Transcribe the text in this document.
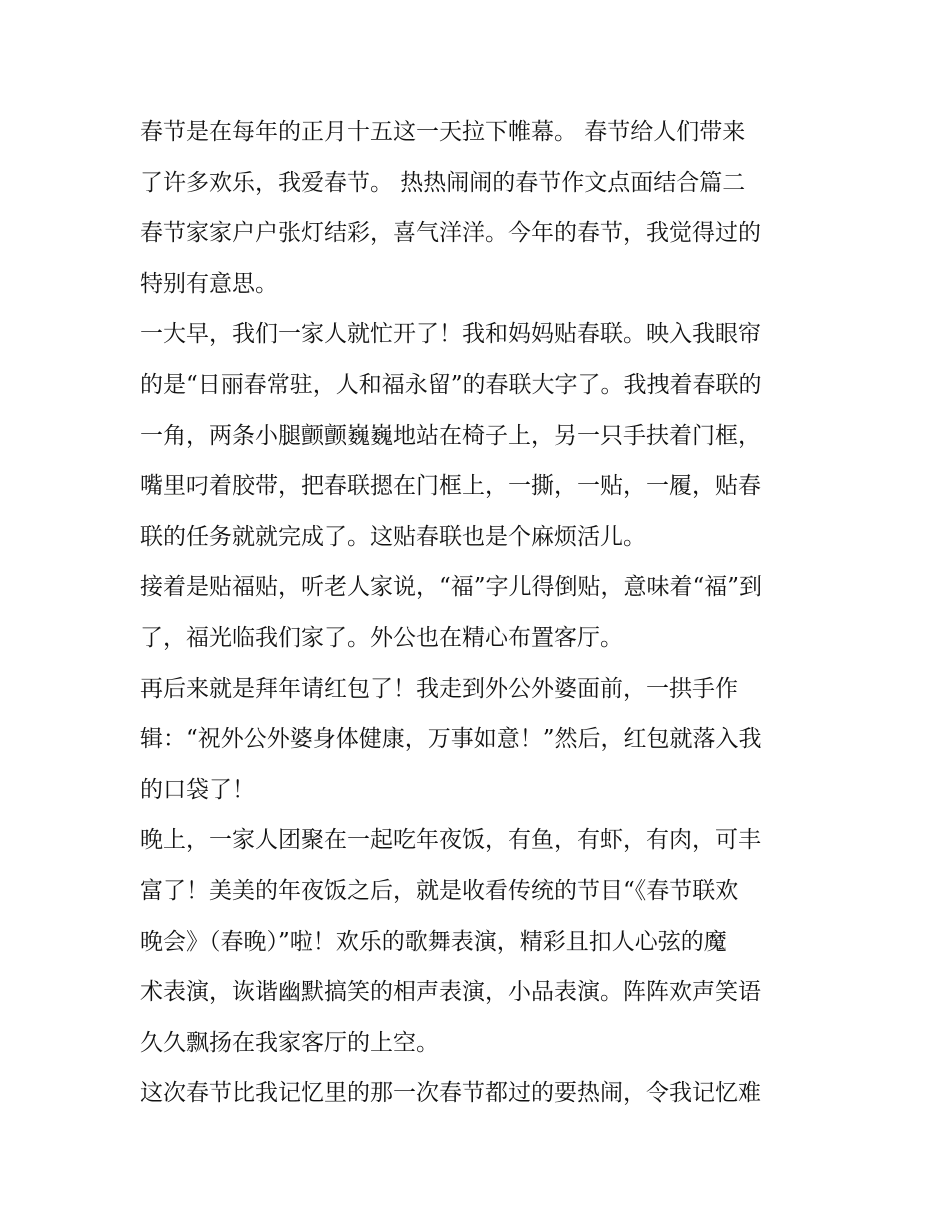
春节是在每年的正月十五这一天拉下帷幕。 春节给人们带来
了许多欢乐，我爱春节。 热热闹闹的春节作文点面结合篇二
春节家家户户张灯结彩，喜气洋洋。今年的春节，我觉得过的
特别有意思。
一大早，我们一家人就忙开了！我和妈妈贴春联。映入我眼帘
的是“日丽春常驻，人和福永留”的春联大字了。我拽着春联的
一角，两条小腿颤颤巍巍地站在椅子上，另一只手扶着门框，
嘴里叼着胶带，把春联摁在门框上，一撕，一贴，一履，贴春
联的任务就就完成了。这贴春联也是个麻烦活儿。
接着是贴福贴，听老人家说，“福”字儿得倒贴，意味着“福”到
了，福光临我们家了。外公也在精心布置客厅。
再后来就是拜年请红包了！我走到外公外婆面前，一拱手作
辑：“祝外公外婆身体健康，万事如意！”然后，红包就落入我
的口袋了！
晚上，一家人团聚在一起吃年夜饭，有鱼，有虾，有肉，可丰
富了！美美的年夜饭之后，就是收看传统的节目“《春节联欢
晚会》（春晚）”啦！欢乐的歌舞表演，精彩且扣人心弦的魔
术表演，诙谐幽默搞笑的相声表演，小品表演。阵阵欢声笑语
久久飘扬在我家客厅的上空。
这次春节比我记忆里的那一次春节都过的要热闹，令我记忆难
